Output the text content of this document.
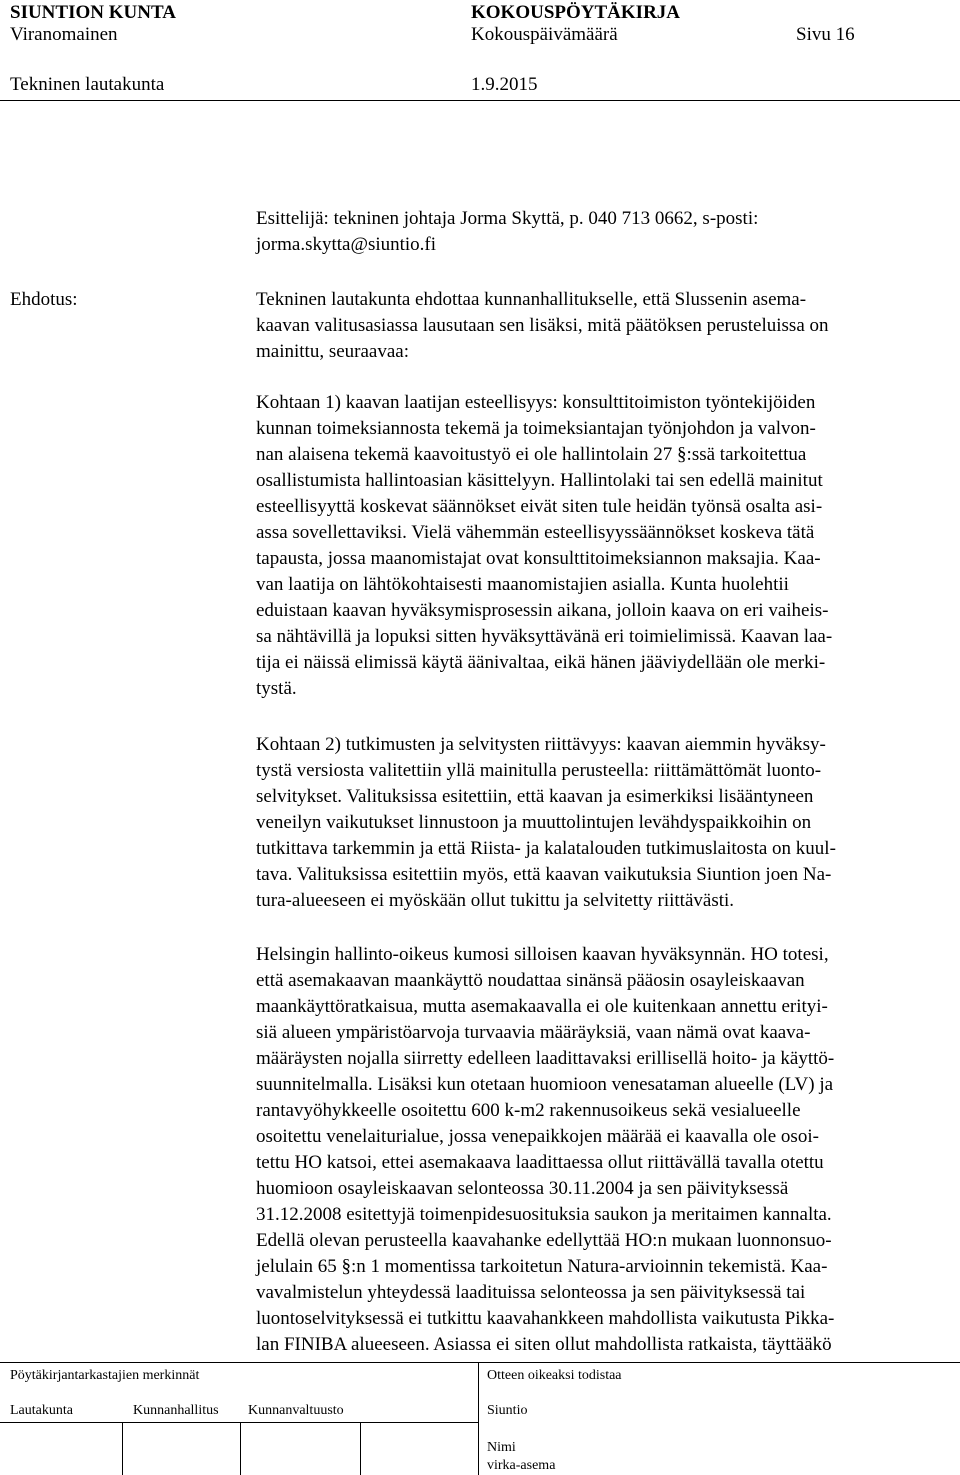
SIUNTION KUNTA	KOKOUSPÖYTÄKIRJA
Viranomainen	Kokouspäivämäärä	Sivu 16
Tekninen lautakunta	1.9.2015

Esittelijä: tekninen johtaja Jorma Skyttä, p. 040 713 0662, s-posti:

jorma.skytta@siuntio.fi

Ehdotus:	Tekninen lautakunta ehdottaa kunnanhallitukselle, että Slussenin asema-

kaavan valitusasiassa lausutaan sen lisäksi, mitä päätöksen perusteluissa on

mainittu, seuraavaa:

Kohtaan 1) kaavan laatijan esteellisyys: konsulttitoimiston työntekijöiden

kunnan toimeksiannosta tekemä ja toimeksiantajan työnjohdon ja valvon-

nan alaisena tekemä kaavoitustyö ei ole hallintolain 27 §:ssä tarkoitettua

osallistumista hallintoasian käsittelyyn. Hallintolaki tai sen edellä mainitut

esteellisyyttä koskevat säännökset eivät siten tule heidän työnsä osalta asi-

assa sovellettaviksi. Vielä vähemmän esteellisyyssäännökset koskeva tätä

tapausta, jossa maanomistajat ovat konsulttitoimeksiannon maksajia. Kaa-

van laatija on lähtökohtaisesti maanomistajien asialla. Kunta huolehtii

eduistaan kaavan hyväksymisprosessin aikana, jolloin kaava on eri vaiheis-

sa nähtävillä ja lopuksi sitten hyväksyttävänä eri toimielimissä. Kaavan laa-

tija ei näissä elimissä käytä äänivaltaa, eikä hänen jääviydellään ole merki-

tystä.

Kohtaan 2) tutkimusten ja selvitysten riittävyys: kaavan aiemmin hyväksy-

tystä versiosta valitettiin yllä mainitulla perusteella: riittämättömät luonto-

selvitykset. Valituksissa esitettiin, että kaavan ja esimerkiksi lisääntyneen

veneilyn vaikutukset linnustoon ja muuttolintujen levähdyspaikkoihin on

tutkittava tarkemmin ja että Riista- ja kalatalouden tutkimuslaitosta on kuul-

tava. Valituksissa esitettiin myös, että kaavan vaikutuksia Siuntion joen Na-

tura-alueeseen ei myöskään ollut tukittu ja selvitetty riittävästi.

Helsingin hallinto-oikeus kumosi silloisen kaavan hyväksynnän. HO totesi,

että asemakaavan maankäyttö noudattaa sinänsä pääosin osayleiskaavan

maankäyttöratkaisua, mutta asemakaavalla ei ole kuitenkaan annettu erityi-

siä alueen ympäristöarvoja turvaavia määräyksiä, vaan nämä ovat kaava-

määräysten nojalla siirretty edelleen laadittavaksi erillisellä hoito- ja käyttö-

suunnitelmalla. Lisäksi kun otetaan huomioon venesataman alueelle (LV) ja

rantavyöhykkeelle osoitettu 600 k-m2 rakennusoikeus sekä vesialueelle

osoitettu venelaiturialue, jossa venepaikkojen määrää ei kaavalla ole osoi-

tettu HO katsoi, ettei asemakaava laadittaessa ollut riittävällä tavalla otettu

huomioon osayleiskaavan selonteossa 30.11.2004 ja sen päivityksessä

31.12.2008 esitettyjä toimenpidesuosituksia saukon ja meritaimen kannalta.

Edellä olevan perusteella kaavahanke edellyttää HO:n mukaan luonnonsuo-

jelulain 65 §:n 1 momentissa tarkoitetun Natura-arvioinnin tekemistä. Kaa-

vavalmistelun yhteydessä laadituissa selonteossa ja sen päivityksessä tai

luontoselvityksessä ei tutkittu kaavahankkeen mahdollista vaikutusta Pikka-

lan FINIBA alueeseen. Asiassa ei siten ollut mahdollista ratkaista, täyttääkö

Pöytäkirjantarkastajien merkinnät	Otteen oikeaksi todistaa
Lautakunta	Kunnanhallitus Kunnanvaltuusto	Siuntio
Nimi
virka-asema
